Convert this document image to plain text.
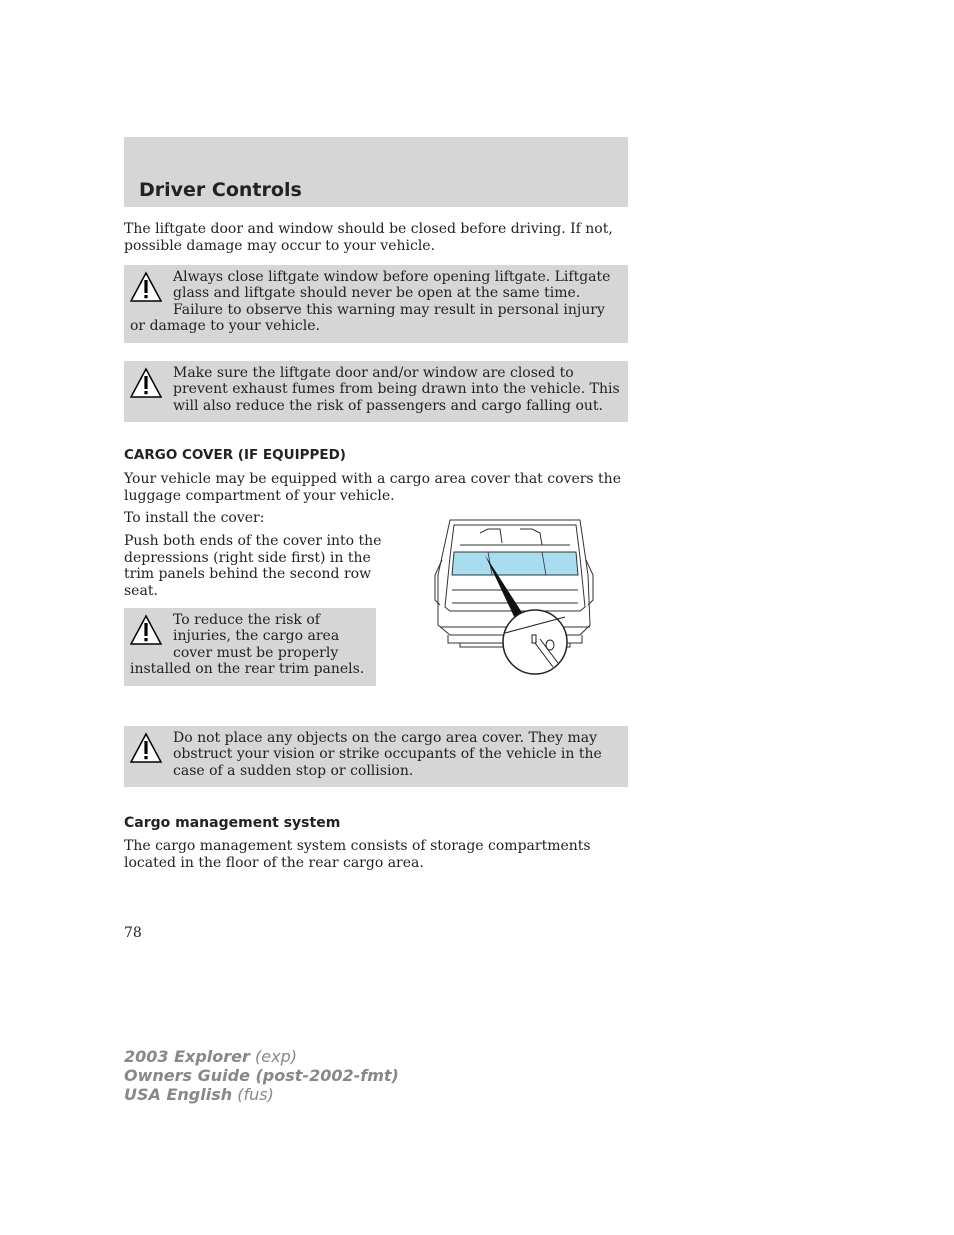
Driver Controls

The liftgate door and window should be closed before driving. If not, possible damage may occur to your vehicle.

Always close liftgate window before opening liftgate. Liftgate glass and liftgate should never be open at the same time. Failure to observe this warning may result in personal injury or damage to your vehicle.
Make sure the liftgate door and/or window are closed to prevent exhaust fumes from being drawn into the vehicle. This will also reduce the risk of passengers and cargo falling out.
CARGO COVER (IF EQUIPPED)

Your vehicle may be equipped with a cargo area cover that covers the luggage compartment of your vehicle.

To install the cover:

Push both ends of the cover into the depressions (right side first) in the trim panels behind the second row seat.

To reduce the risk of injuries, the cargo area cover must be properly installed on the rear trim panels.
Do not place any objects on the cargo area cover. They may obstruct your vision or strike occupants of the vehicle in the case of a sudden stop or collision.
Cargo management system

The cargo management system consists of storage compartments located in the floor of the rear cargo area.

78
2003 Explorer (exp)
Owners Guide (post-2002-fmt)
USA English (fus)
